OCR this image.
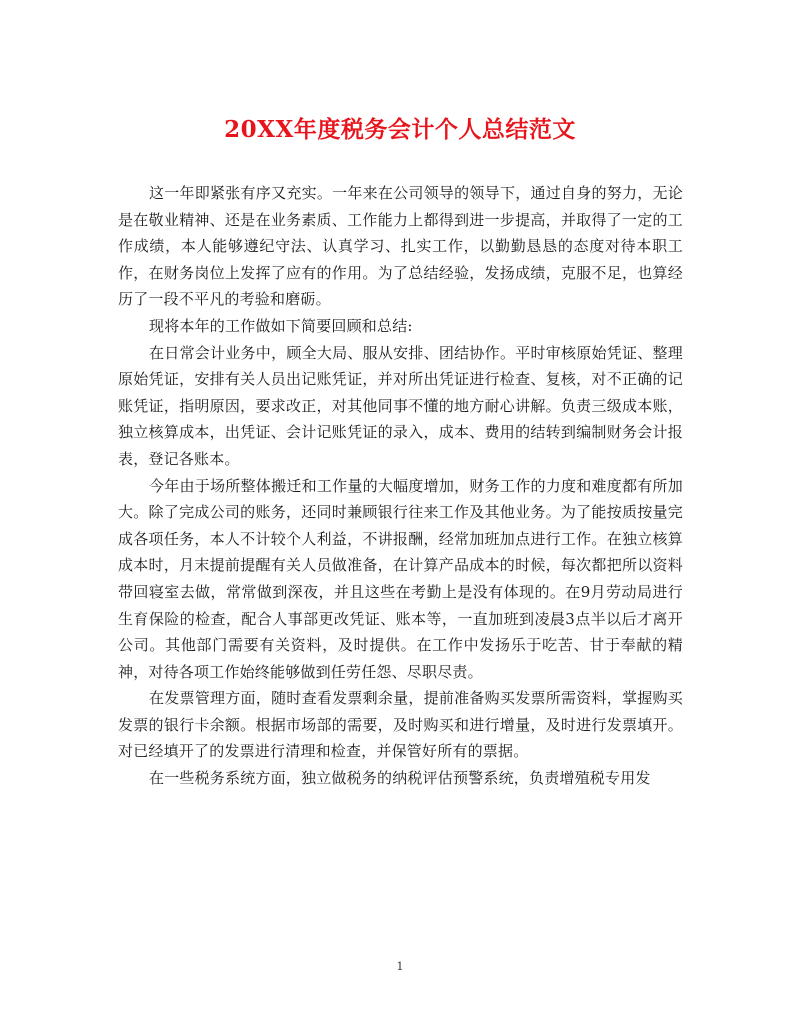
20XX年度税务会计个人总结范文

这一年即紧张有序又充实。一年来在公司领导的领导下，通过自身的努力，无论是在敬业精神、还是在业务素质、工作能力上都得到进一步提高，并取得了一定的工作成绩，本人能够遵纪守法、认真学习、扎实工作，以勤勤恳恳的态度对待本职工作，在财务岗位上发挥了应有的作用。为了总结经验，发扬成绩，克服不足，也算经历了一段不平凡的考验和磨砺。

现将本年的工作做如下简要回顾和总结:

在日常会计业务中，顾全大局、服从安排、团结协作。平时审核原始凭证、整理原始凭证，安排有关人员出记账凭证，并对所出凭证进行检查、复核，对不正确的记账凭证，指明原因，要求改正，对其他同事不懂的地方耐心讲解。负责三级成本账，独立核算成本，出凭证、会计记账凭证的录入，成本、费用的结转到编制财务会计报表，登记各账本。

今年由于场所整体搬迁和工作量的大幅度增加，财务工作的力度和难度都有所加大。除了完成公司的账务，还同时兼顾银行往来工作及其他业务。为了能按质按量完成各项任务，本人不计较个人利益，不讲报酬，经常加班加点进行工作。在独立核算成本时，月末提前提醒有关人员做准备，在计算产品成本的时候，每次都把所以资料带回寝室去做，常常做到深夜，并且这些在考勤上是没有体现的。在9月劳动局进行生育保险的检查，配合人事部更改凭证、账本等，一直加班到凌晨3点半以后才离开公司。其他部门需要有关资料，及时提供。在工作中发扬乐于吃苦、甘于奉献的精神，对待各项工作始终能够做到任劳任怨、尽职尽责。

在发票管理方面，随时查看发票剩余量，提前准备购买发票所需资料，掌握购买发票的银行卡余额。根据市场部的需要，及时购买和进行增量，及时进行发票填开。对已经填开了的发票进行清理和检查，并保管好所有的票据。

在一些税务系统方面，独立做税务的纳税评估预警系统，负责增殖税专用发

1
